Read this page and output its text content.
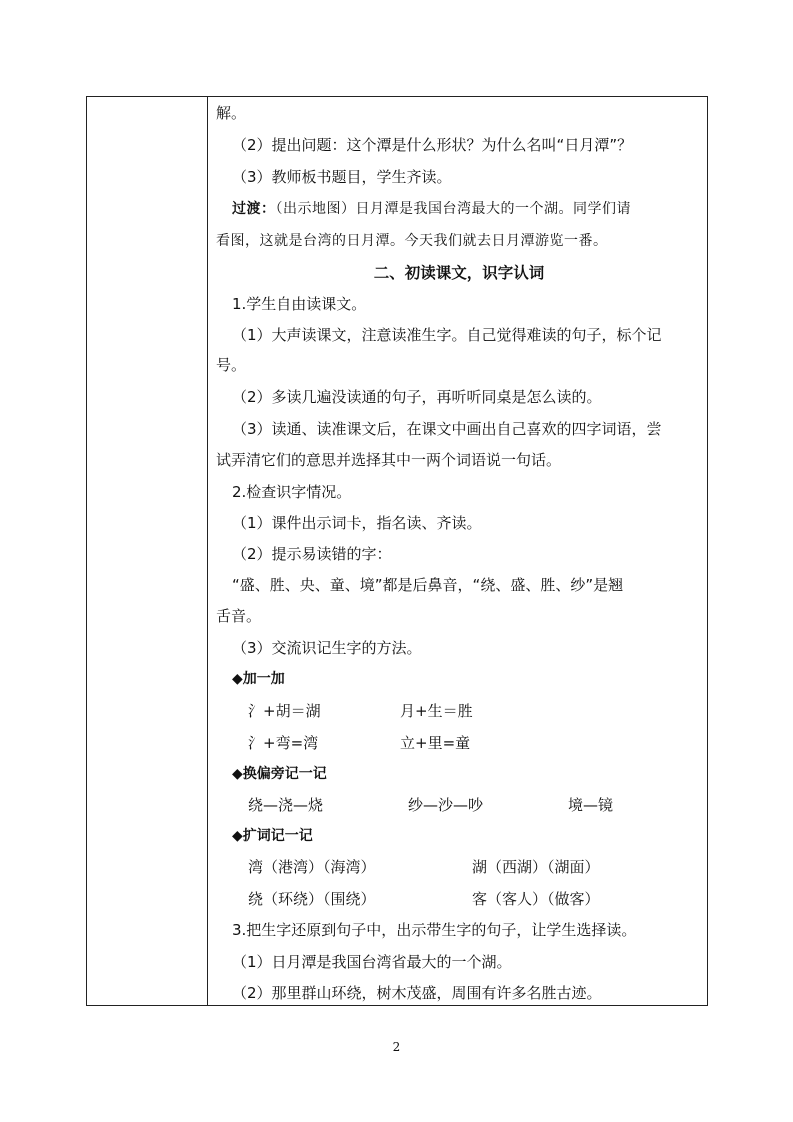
解。
（2）提出问题：这个潭是什么形状？为什么名叫“日月潭”？
（3）教师板书题目，学生齐读。
过渡：（出示地图）日月潭是我国台湾最大的一个湖。同学们请
看图，这就是台湾的日月潭。今天我们就去日月潭游览一番。
二、初读课文，识字认词
1.学生自由读课文。
（1）大声读课文，注意读准生字。自己觉得难读的句子，标个记
号。
（2）多读几遍没读通的句子，再听听同桌是怎么读的。
（3）读通、读准课文后，在课文中画出自己喜欢的四字词语，尝
试弄清它们的意思并选择其中一两个词语说一句话。
2.检查识字情况。
（1）课件出示词卡，指名读、齐读。
（2）提示易读错的字：
“盛、胜、央、童、境”都是后鼻音，“绕、盛、胜、纱”是翘
舌音。
（3）交流识记生字的方法。
◆加一加
氵+胡＝湖	月+生＝胜
氵+弯=湾	立+里=童
◆换偏旁记一记
绕—浇—烧	纱—沙—吵	境—镜
◆扩词记一记
湾（港湾）（海湾）	湖（西湖）（湖面）
绕（环绕）（围绕）	客（客人）（做客）
3.把生字还原到句子中，出示带生字的句子，让学生选择读。
（1）日月潭是我国台湾省最大的一个湖。
（2）那里群山环绕，树木茂盛，周围有许多名胜古迹。
2
